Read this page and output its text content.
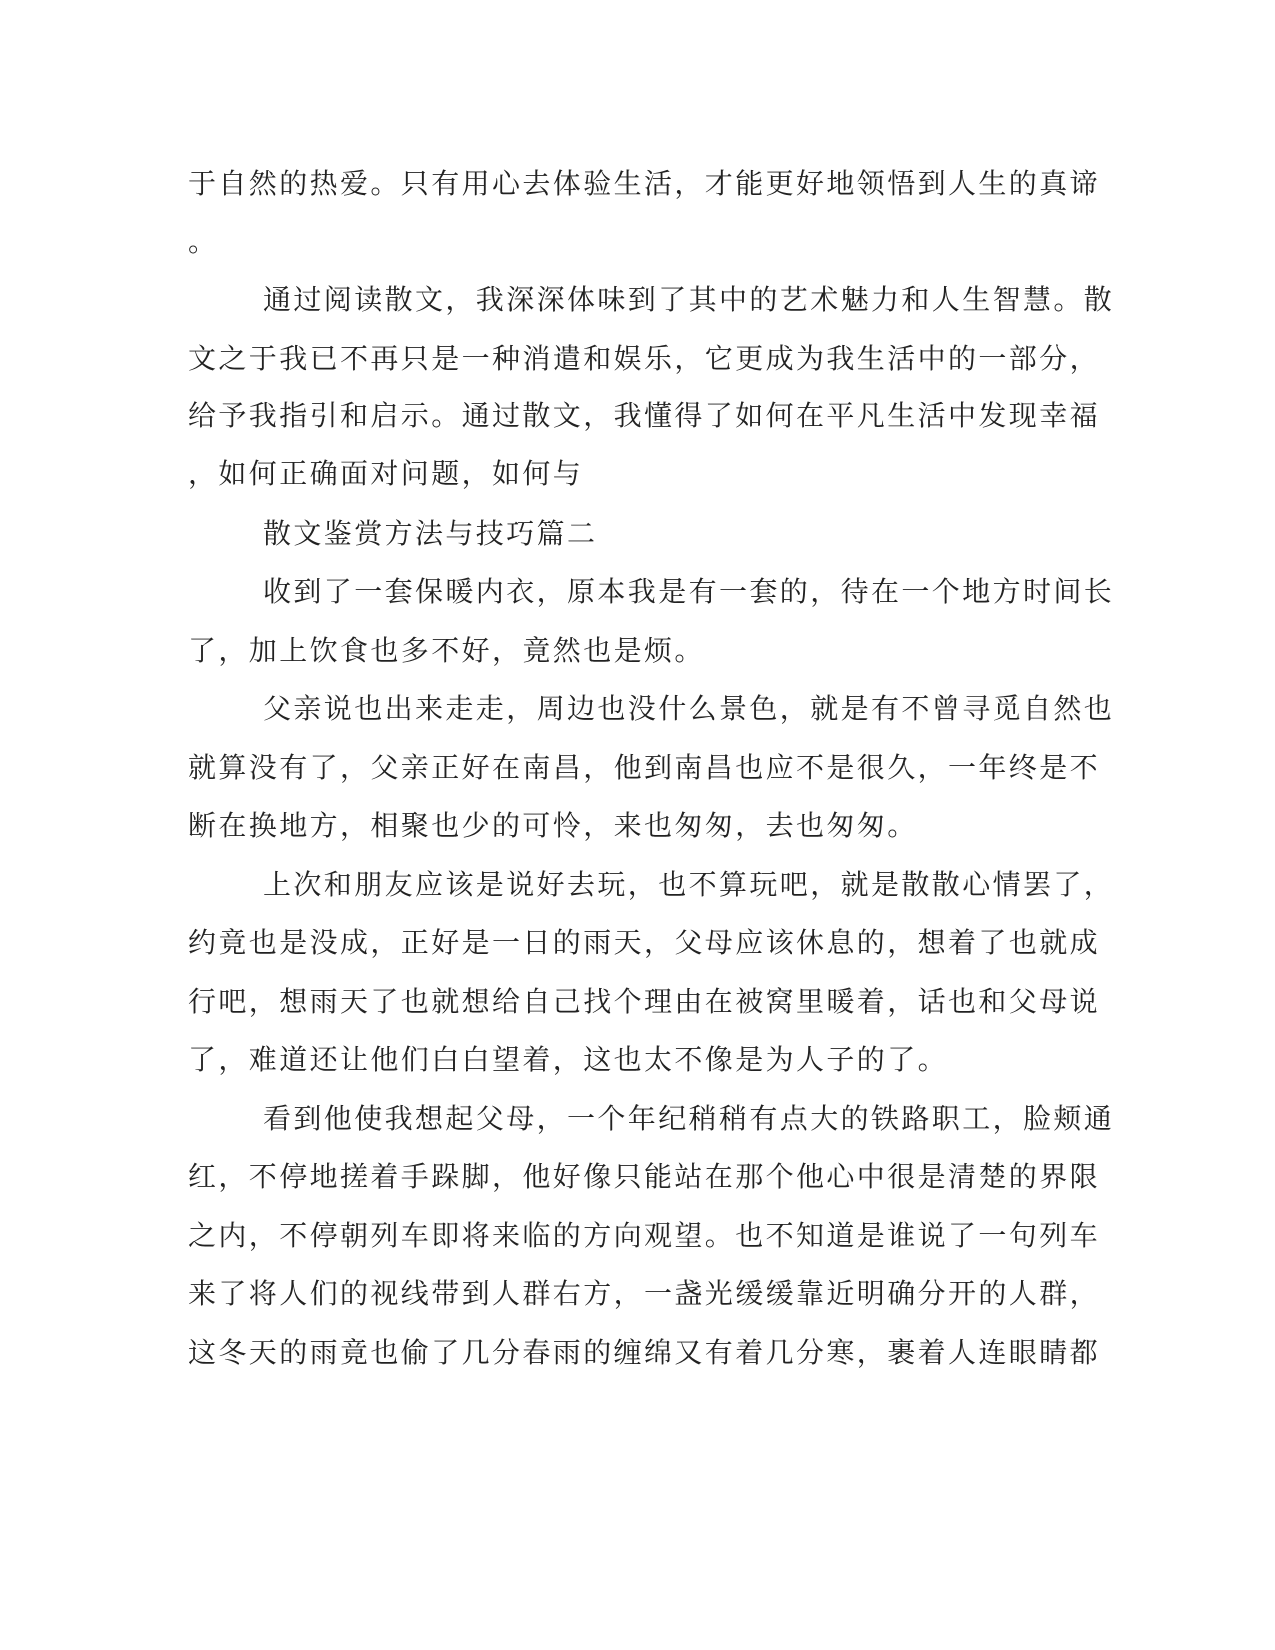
于自然的热爱。只有用心去体验生活，才能更好地领悟到人生的真谛
。
通过阅读散文，我深深体味到了其中的艺术魅力和人生智慧。散
文之于我已不再只是一种消遣和娱乐，它更成为我生活中的一部分，
给予我指引和启示。通过散文，我懂得了如何在平凡生活中发现幸福
，如何正确面对问题，如何与
散文鉴赏方法与技巧篇二
收到了一套保暖内衣，原本我是有一套的，待在一个地方时间长
了，加上饮食也多不好，竟然也是烦。
父亲说也出来走走，周边也没什么景色，就是有不曾寻觅自然也
就算没有了，父亲正好在南昌，他到南昌也应不是很久，一年终是不
断在换地方，相聚也少的可怜，来也匆匆，去也匆匆。
上次和朋友应该是说好去玩，也不算玩吧，就是散散心情罢了，
约竟也是没成，正好是一日的雨天，父母应该休息的，想着了也就成
行吧，想雨天了也就想给自己找个理由在被窝里暖着，话也和父母说
了，难道还让他们白白望着，这也太不像是为人子的了。
看到他使我想起父母，一个年纪稍稍有点大的铁路职工，脸颊通
红，不停地搓着手跺脚，他好像只能站在那个他心中很是清楚的界限
之内，不停朝列车即将来临的方向观望。也不知道是谁说了一句列车
来了将人们的视线带到人群右方，一盏光缓缓靠近明确分开的人群，
这冬天的雨竟也偷了几分春雨的缠绵又有着几分寒，裹着人连眼睛都
